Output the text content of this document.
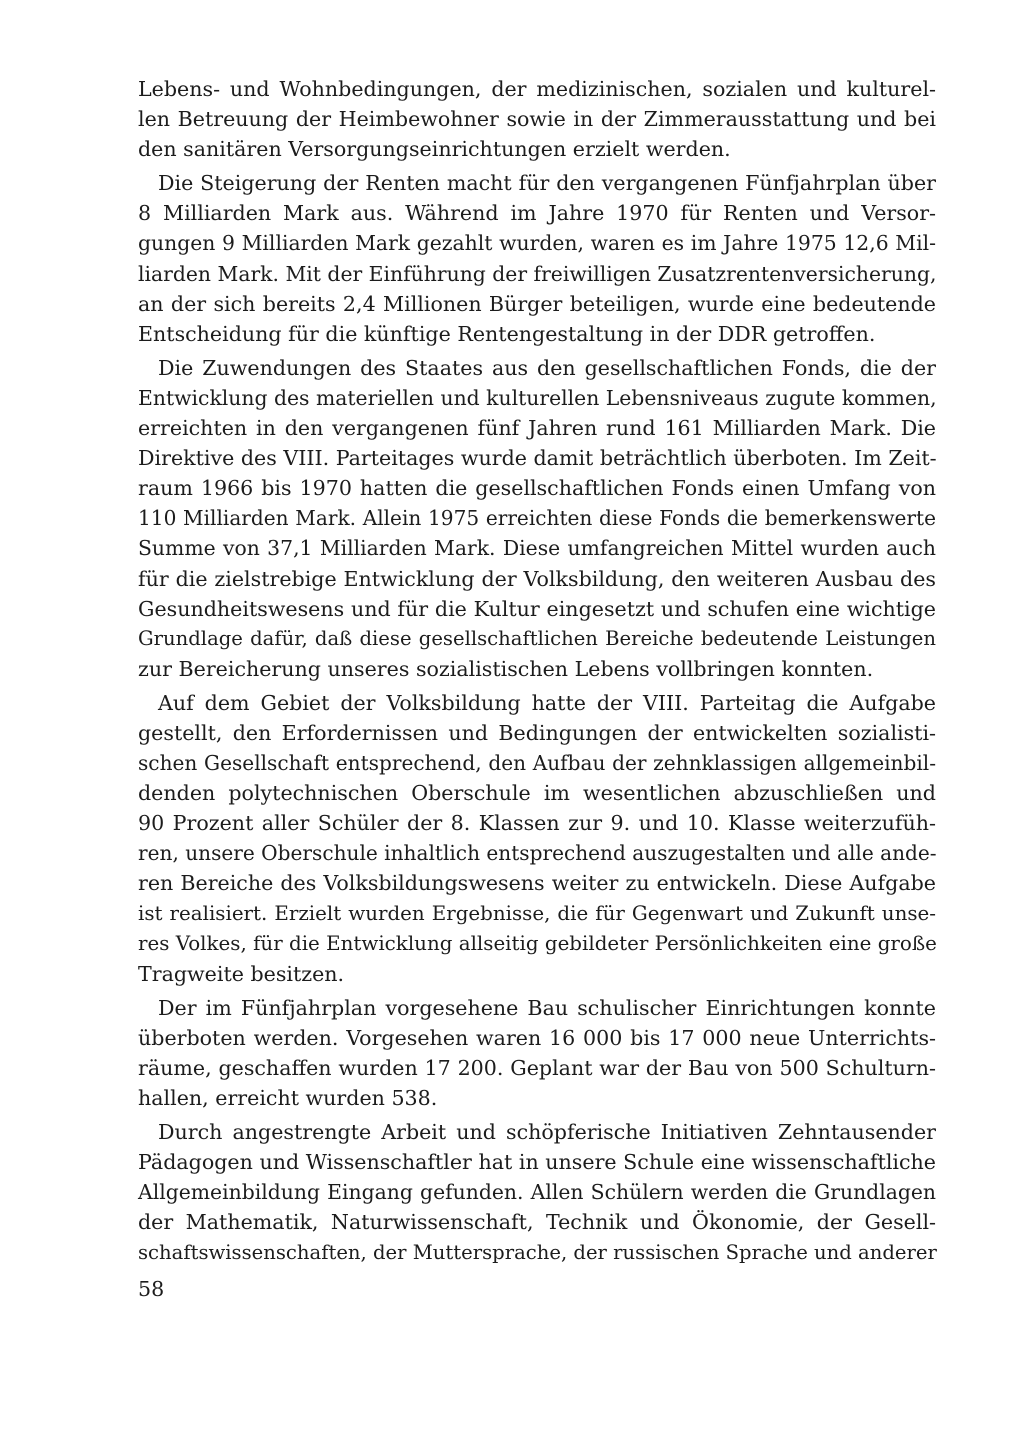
Lebens- und Wohnbedingungen, der medizinischen, sozialen und kulturel-
len Betreuung der Heimbewohner sowie in der Zimmerausstattung und bei
den sanitären Versorgungseinrichtungen erzielt werden.
Die Steigerung der Renten macht für den vergangenen Fünfjahrplan über
8 Milliarden Mark aus. Während im Jahre 1970 für Renten und Versor-
gungen 9 Milliarden Mark gezahlt wurden, waren es im Jahre 1975 12,6 Mil-
liarden Mark. Mit der Einführung der freiwilligen Zusatzrentenversicherung,
an der sich bereits 2,4 Millionen Bürger beteiligen, wurde eine bedeutende
Entscheidung für die künftige Rentengestaltung in der DDR getroffen.
Die Zuwendungen des Staates aus den gesellschaftlichen Fonds, die der
Entwicklung des materiellen und kulturellen Lebensniveaus zugute kommen,
erreichten in den vergangenen fünf Jahren rund 161 Milliarden Mark. Die
Direktive des VIII. Parteitages wurde damit beträchtlich überboten. Im Zeit-
raum 1966 bis 1970 hatten die gesellschaftlichen Fonds einen Umfang von
110 Milliarden Mark. Allein 1975 erreichten diese Fonds die bemerkenswerte
Summe von 37,1 Milliarden Mark. Diese umfangreichen Mittel wurden auch
für die zielstrebige Entwicklung der Volksbildung, den weiteren Ausbau des
Gesundheitswesens und für die Kultur eingesetzt und schufen eine wichtige
Grundlage dafür, daß diese gesellschaftlichen Bereiche bedeutende Leistungen
zur Bereicherung unseres sozialistischen Lebens vollbringen konnten.
Auf dem Gebiet der Volksbildung hatte der VIII. Parteitag die Aufgabe
gestellt, den Erfordernissen und Bedingungen der entwickelten sozialisti-
schen Gesellschaft entsprechend, den Aufbau der zehnklassigen allgemeinbil-
denden polytechnischen Oberschule im wesentlichen abzuschließen und
90 Prozent aller Schüler der 8. Klassen zur 9. und 10. Klasse weiterzufüh-
ren, unsere Oberschule inhaltlich entsprechend auszugestalten und alle ande-
ren Bereiche des Volksbildungswesens weiter zu entwickeln. Diese Aufgabe
ist realisiert. Erzielt wurden Ergebnisse, die für Gegenwart und Zukunft unse-
res Volkes, für die Entwicklung allseitig gebildeter Persönlichkeiten eine große
Tragweite besitzen.
Der im Fünfjahrplan vorgesehene Bau schulischer Einrichtungen konnte
überboten werden. Vorgesehen waren 16 000 bis 17 000 neue Unterrichts-
räume, geschaffen wurden 17 200. Geplant war der Bau von 500 Schulturn-
hallen, erreicht wurden 538.
Durch angestrengte Arbeit und schöpferische Initiativen Zehntausender
Pädagogen und Wissenschaftler hat in unsere Schule eine wissenschaftliche
Allgemeinbildung Eingang gefunden. Allen Schülern werden die Grundlagen
der Mathematik, Naturwissenschaft, Technik und Ökonomie, der Gesell-
schaftswissenschaften, der Muttersprache, der russischen Sprache und anderer
58
